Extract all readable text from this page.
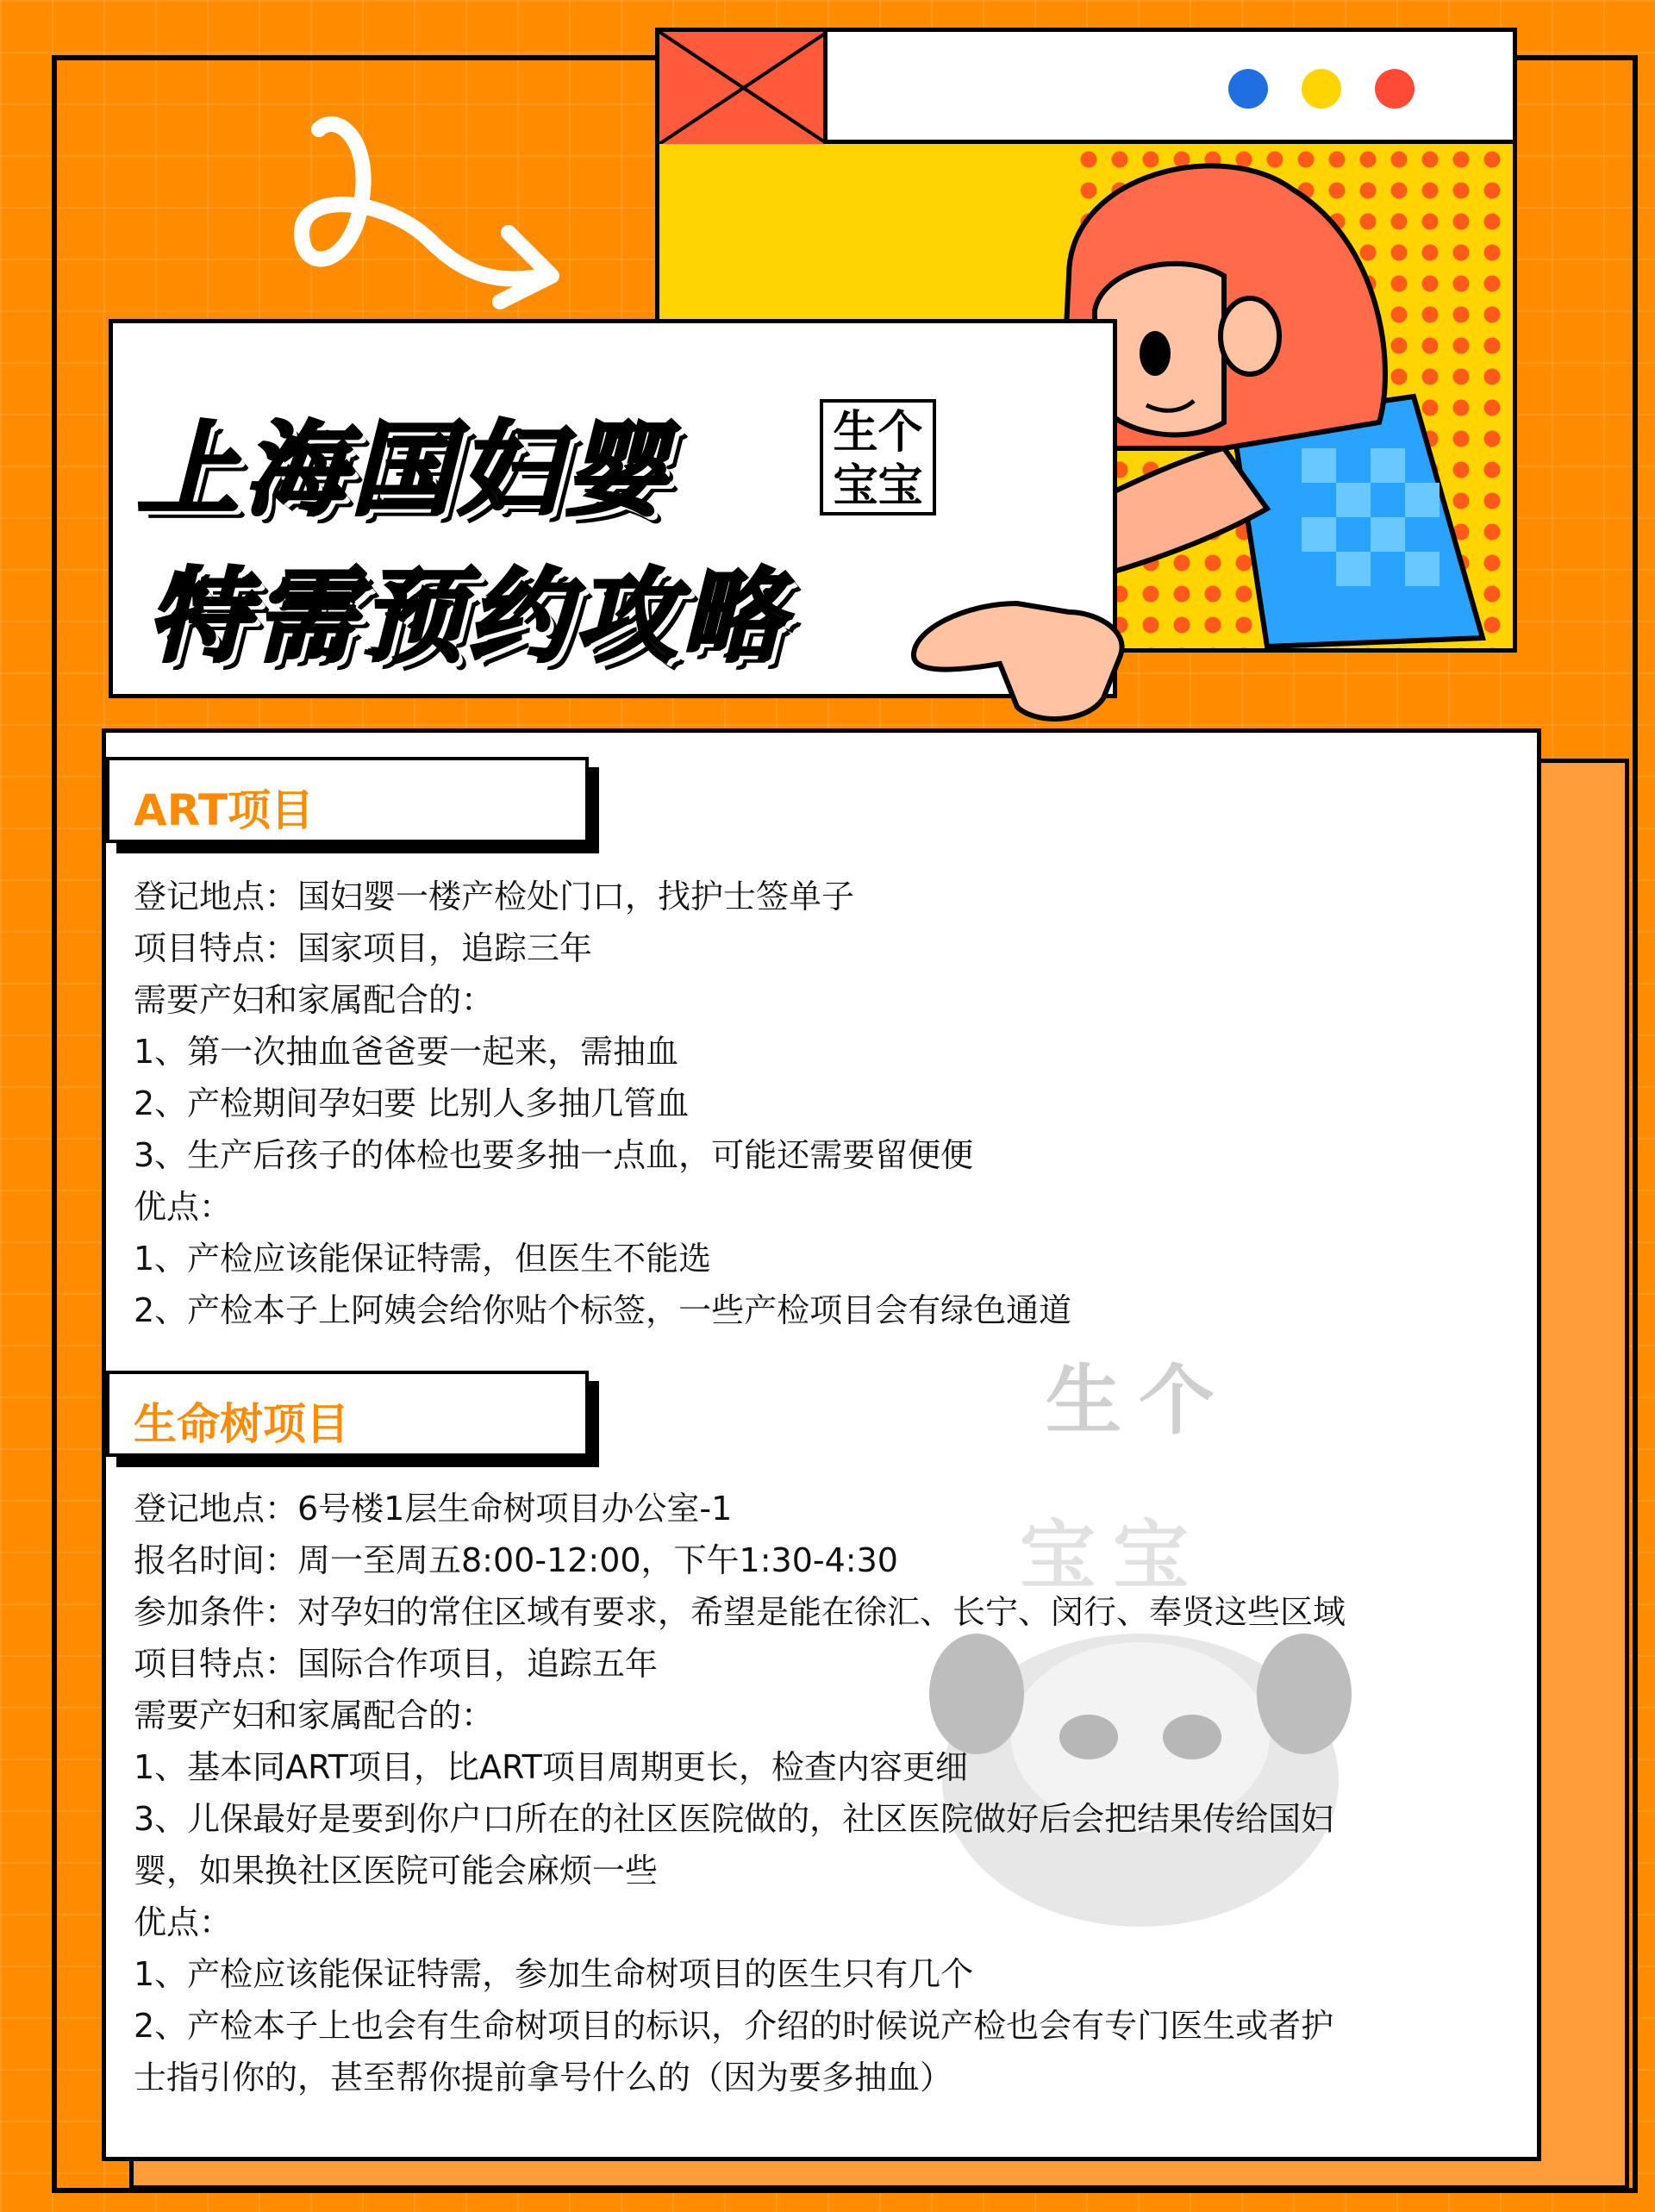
上海国妇婴
特需预约攻略
生个
宝宝
生个
宝宝
ART项目

登记地点：国妇婴一楼产检处门口，找护士签单子

项目特点：国家项目，追踪三年

需要产妇和家属配合的：

1、第一次抽血爸爸要一起来，需抽血

2、产检期间孕妇要 比别人多抽几管血

3、生产后孩子的体检也要多抽一点血，可能还需要留便便

优点：

1、产检应该能保证特需，但医生不能选

2、产检本子上阿姨会给你贴个标签，一些产检项目会有绿色通道

生命树项目

登记地点：6号楼1层生命树项目办公室-1

报名时间：周一至周五8:00-12:00，下午1:30-4:30

参加条件：对孕妇的常住区域有要求，希望是能在徐汇、长宁、闵行、奉贤这些区域

项目特点：国际合作项目，追踪五年

需要产妇和家属配合的：

1、基本同ART项目，比ART项目周期更长，检查内容更细

3、儿保最好是要到你户口所在的社区医院做的，社区医院做好后会把结果传给国妇
婴，如果换社区医院可能会麻烦一些

优点：

1、产检应该能保证特需，参加生命树项目的医生只有几个

2、产检本子上也会有生命树项目的标识，介绍的时候说产检也会有专门医生或者护
士指引你的，甚至帮你提前拿号什么的（因为要多抽血）
